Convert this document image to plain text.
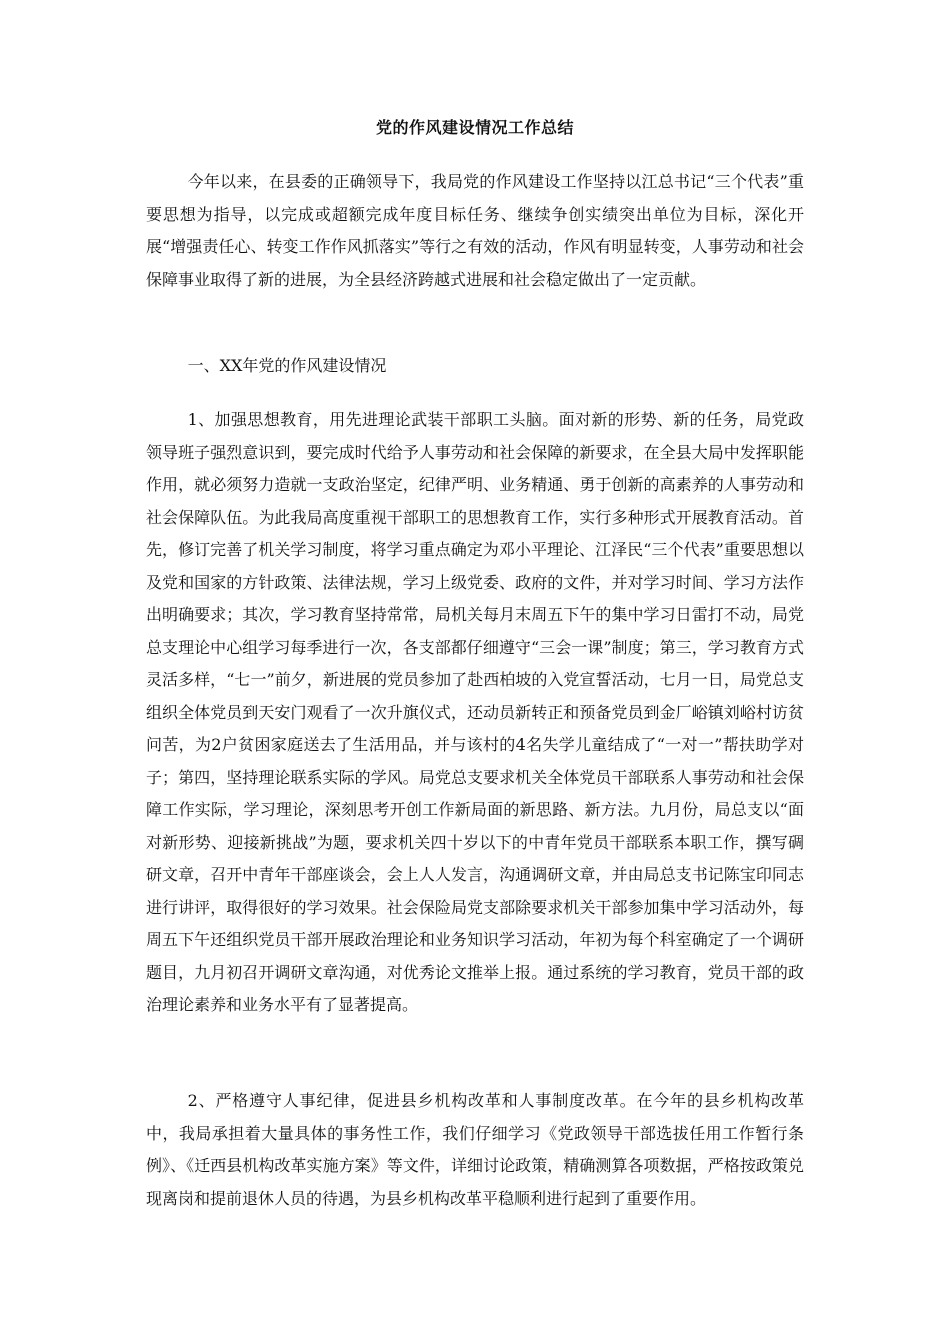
党的作风建设情况工作总结

今年以来，在县委的正确领导下，我局党的作风建设工作坚持以江总书记“三个代表”重要思想为指导，以完成或超额完成年度目标任务、继续争创实绩突出单位为目标，深化开展“增强责任心、转变工作作风抓落实”等行之有效的活动，作风有明显转变，人事劳动和社会保障事业取得了新的进展，为全县经济跨越式进展和社会稳定做出了一定贡献。

一、XX年党的作风建设情况

1、加强思想教育，用先进理论武装干部职工头脑。面对新的形势、新的任务，局党政领导班子强烈意识到，要完成时代给予人事劳动和社会保障的新要求，在全县大局中发挥职能作用，就必须努力造就一支政治坚定，纪律严明、业务精通、勇于创新的高素养的人事劳动和社会保障队伍。为此我局高度重视干部职工的思想教育工作，实行多种形式开展教育活动。首先，修订完善了机关学习制度，将学习重点确定为邓小平理论、江泽民“三个代表”重要思想以及党和国家的方针政策、法律法规，学习上级党委、政府的文件，并对学习时间、学习方法作出明确要求；其次，学习教育坚持常常，局机关每月末周五下午的集中学习日雷打不动，局党总支理论中心组学习每季进行一次，各支部都仔细遵守“三会一课”制度；第三，学习教育方式灵活多样，“七一”前夕，新进展的党员参加了赴西柏坡的入党宣誓活动，七月一日，局党总支组织全体党员到天安门观看了一次升旗仪式，还动员新转正和预备党员到金厂峪镇刘峪村访贫问苦，为2户贫困家庭送去了生活用品，并与该村的4名失学儿童结成了“一对一”帮扶助学对子；第四，坚持理论联系实际的学风。局党总支要求机关全体党员干部联系人事劳动和社会保障工作实际，学习理论，深刻思考开创工作新局面的新思路、新方法。九月份，局总支以“面对新形势、迎接新挑战”为题，要求机关四十岁以下的中青年党员干部联系本职工作，撰写碉研文章，召开中青年干部座谈会，会上人人发言，沟通调研文章，并由局总支书记陈宝印同志进行讲评，取得很好的学习效果。社会保险局党支部除要求机关干部参加集中学习活动外，每周五下午还组织党员干部开展政治理论和业务知识学习活动，年初为每个科室确定了一个调研题目，九月初召开调研文章沟通，对优秀论文推举上报。通过系统的学习教育，党员干部的政治理论素养和业务水平有了显著提高。

2、严格遵守人事纪律，促进县乡机构改革和人事制度改革。在今年的县乡机构改革中，我局承担着大量具体的事务性工作，我们仔细学习《党政领导干部选拔任用工作暂行条例》、《迁西县机构改革实施方案》等文件，详细讨论政策，精确测算各项数据，严格按政策兑现离岗和提前退休人员的待遇，为县乡机构改革平稳顺利进行起到了重要作用。
